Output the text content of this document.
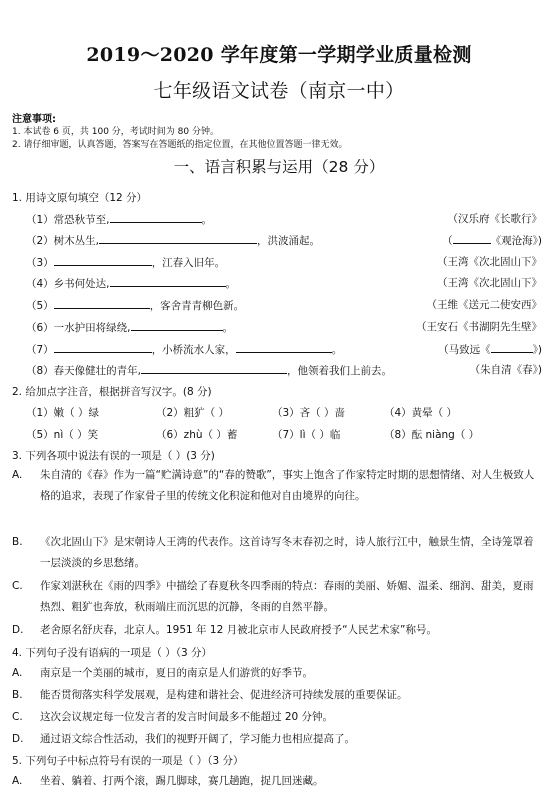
2019～2020 学年度第一学期学业质量检测
七年级语文试卷（南京一中）
注意事项:
1. 本试卷 6 页，共 100 分，考试时间为 80 分钟。
2. 请仔细审题，认真答题，答案写在答题纸的指定位置，在其他位置答题一律无效。
一、语言积累与运用（28 分）
1. 用诗文原句填空（12 分）
（1）常恐秋节至,	。	（汉乐府《长歌行》
（2）树木丛生,	，洪波涌起。	（	《观沧海》)
（3）	，江春入旧年。	（王湾《次北固山下》
（4）乡书何处达,	。	（王湾《次北固山下》
（5）	，客舍青青柳色新。	（王维《送元二使安西》
（6）一水护田将绿绕,	。	（王安石《书湖阴先生壁》
（7）	，小桥流水人家，	。	（马致远《	》)
（8）春天像健壮的青年,	，他领着我们上前去。	（朱自清《春》)
2. 给加点字注音，根据拼音写汉字。(8 分)
（1）嫩（ ）绿	（2）粗犷（ ）	（3）吝（ ）啬	（4）黄晕（ ）
（5）nì（ ）笑	（6）zhù（ ）蓄	（7）lì（ ）临	（8）酝 niàng（ ）
3. 下列各项中说法有误的一项是（ ）(3 分)
A. 朱自清的《春》作为一篇“贮满诗意”的“春的赞歌”，事实上饱含了作家特定时期的思想情绪、对人生极致人格的追求，表现了作家骨子里的传统文化积淀和他对自由境界的向往。
B. 《次北固山下》是宋朝诗人王湾的代表作。这首诗写冬末春初之时，诗人旅行江中，触景生情，全诗笼罩着一层淡淡的乡思愁绪。
C. 作家刘湛秋在《雨的四季》中描绘了春夏秋冬四季雨的特点：春雨的美丽、娇媚、温柔、细润、甜美，夏雨热烈、粗犷也奔放，秋雨端庄而沉思的沉静，冬雨的自然平静。
D. 老舍原名舒庆春，北京人。1951 年 12 月被北京市人民政府授予“人民艺术家”称号。
4. 下列句子没有语病的一项是（ ）（3 分）
A. 南京是一个美丽的城市，夏日的南京是人们游赏的好季节。
B. 能否贯彻落实科学发展观，是构建和谐社会、促进经济可持续发展的重要保证。
C. 这次会议规定每一位发言者的发言时间最多不能超过 20 分钟。
D. 通过语文综合性活动，我们的视野开阔了，学习能力也相应提高了。
5. 下列句子中标点符号有误的一项是（ ）（3 分）
A. 坐着、躺着、打两个滚，踢几脚球，赛几趟跑，捉几回迷藏。
